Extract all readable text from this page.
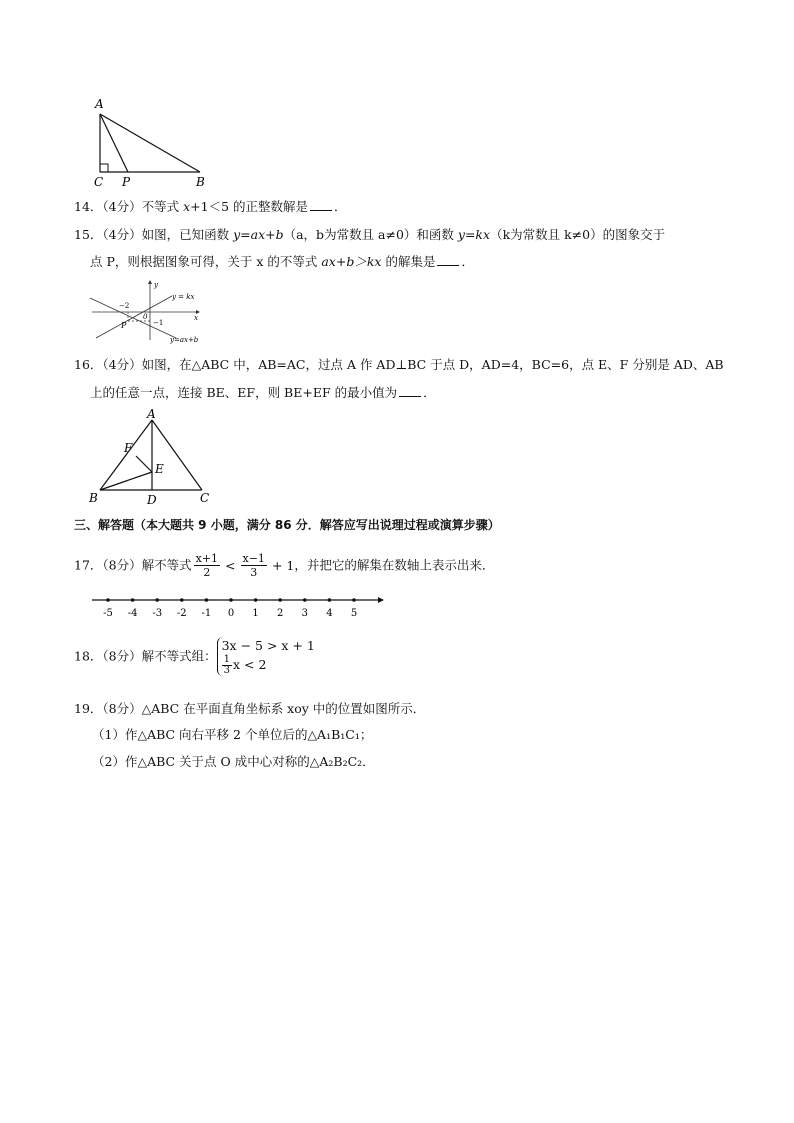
A
C P	B
14．（4分）不等式 x+1＜5 的正整数解是 ．
15．（4分）如图，已知函数 y=ax+b（a，b为常数且 a≠0）和函数 y=kx（k为常数且 k≠0）的图象交于
点 P，则根据图象可得，关于 x 的不等式 ax+b＞kx 的解集是 ．
y
x
y = kx
y=ax+b
−2
−1
0
P
16．（4分）如图，在△ABC 中，AB=AC，过点 A 作 AD⊥BC 于点 D，AD=4，BC=6，点 E、F 分别是 AD、AB
上的任意一点，连接 BE、EF，则 BE+EF 的最小值为 ．
A
F
E
B	D	C
三、解答题（本大题共 9 小题，满分 86 分．解答应写出说理过程或演算步骤）
17．（8分）解不等式 $\frac{x+1}{2} < \frac{x-1}{3} + 1$，并把它的解集在数轴上表示出来．
-5 -4 -3 -2 -1 0 1 2 3 4 5
18．（8分）解不等式组：
3x − 5 > x + 1
$\frac{1}{3}$ x < 2
19．（8分）△ABC 在平面直角坐标系 xoy 中的位置如图所示．
（1）作△ABC 向右平移 2 个单位后的△A₁B₁C₁；
（2）作△ABC 关于点 O 成中心对称的△A₂B₂C₂．
